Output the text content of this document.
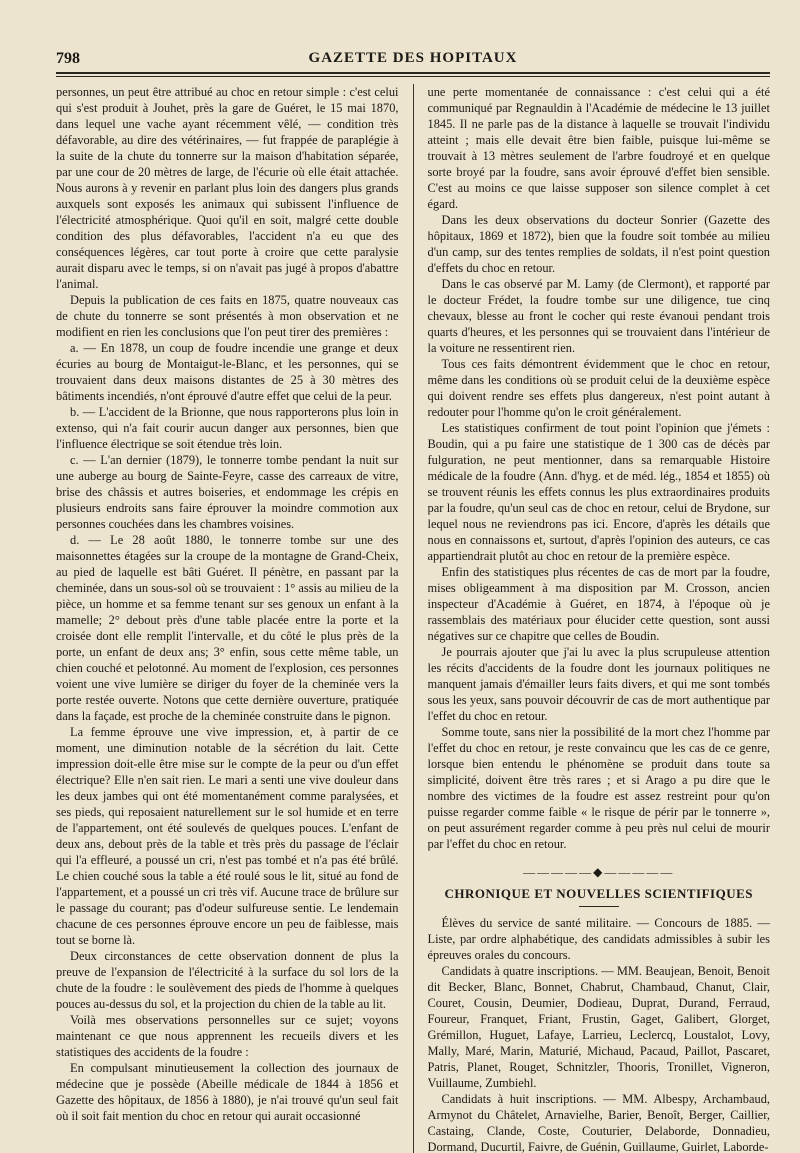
798	GAZETTE DES HOPITAUX

personnes, un peut être attribué au choc en retour simple : c'est celui qui s'est produit à Jouhet, près la gare de Guéret, le 15 mai 1870, dans lequel une vache ayant récemment vêlé, — condition très défavorable, au dire des vétérinaires, — fut frappée de paraplégie à la suite de la chute du tonnerre sur la maison d'habitation séparée, par une cour de 20 mètres de large, de l'écurie où elle était attachée. Nous aurons à y revenir en parlant plus loin des dangers plus grands auxquels sont exposés les animaux qui subissent l'influence de l'électricité atmosphérique. Quoi qu'il en soit, malgré cette double condition des plus défavorables, l'accident n'a eu que des conséquences légères, car tout porte à croire que cette paralysie aurait disparu avec le temps, si on n'avait pas jugé à propos d'abattre l'animal.

Depuis la publication de ces faits en 1875, quatre nouveaux cas de chute du tonnerre se sont présentés à mon observation et ne modifient en rien les conclusions que l'on peut tirer des premières :

a. — En 1878, un coup de foudre incendie une grange et deux écuries au bourg de Montaigut-le-Blanc, et les personnes, qui se trouvaient dans deux maisons distantes de 25 à 30 mètres des bâtiments incendiés, n'ont éprouvé d'autre effet que celui de la peur.

b. — L'accident de la Brionne, que nous rapporterons plus loin in extenso, qui n'a fait courir aucun danger aux personnes, bien que l'influence électrique se soit étendue très loin.

c. — L'an dernier (1879), le tonnerre tombe pendant la nuit sur une auberge au bourg de Sainte-Feyre, casse des carreaux de vitre, brise des châssis et autres boiseries, et endommage les crépis en plusieurs endroits sans faire éprouver la moindre commotion aux personnes couchées dans les chambres voisines.

d. — Le 28 août 1880, le tonnerre tombe sur une des maisonnettes étagées sur la croupe de la montagne de Grand-Cheix, au pied de laquelle est bâti Guéret. Il pénètre, en passant par la cheminée, dans un sous-sol où se trouvaient : 1° assis au milieu de la pièce, un homme et sa femme tenant sur ses genoux un enfant à la mamelle; 2° debout près d'une table placée entre la porte et la croisée dont elle remplit l'intervalle, et du côté le plus près de la porte, un enfant de deux ans; 3° enfin, sous cette même table, un chien couché et pelotonné. Au moment de l'explosion, ces personnes voient une vive lumière se diriger du foyer de la cheminée vers la porte restée ouverte. Notons que cette dernière ouverture, pratiquée dans la façade, est proche de la cheminée construite dans le pignon.

La femme éprouve une vive impression, et, à partir de ce moment, une diminution notable de la sécrétion du lait. Cette impression doit-elle être mise sur le compte de la peur ou d'un effet électrique? Elle n'en sait rien. Le mari a senti une vive douleur dans les deux jambes qui ont été momentanément comme paralysées, et ses pieds, qui reposaient naturellement sur le sol humide et en terre de l'appartement, ont été soulevés de quelques pouces. L'enfant de deux ans, debout près de la table et très près du passage de l'éclair qui l'a effleuré, a poussé un cri, n'est pas tombé et n'a pas été brûlé. Le chien couché sous la table a été roulé sous le lit, situé au fond de l'appartement, et a poussé un cri très vif. Aucune trace de brûlure sur le passage du courant; pas d'odeur sulfureuse sentie. Le lendemain chacune de ces personnes éprouve encore un peu de faiblesse, mais tout se borne là.

Deux circonstances de cette observation donnent de plus la preuve de l'expansion de l'électricité à la surface du sol lors de la chute de la foudre : le soulèvement des pieds de l'homme à quelques pouces au-dessus du sol, et la projection du chien de la table au lit.

Voilà mes observations personnelles sur ce sujet; voyons maintenant ce que nous apprennent les recueils divers et les statistiques des accidents de la foudre :

En compulsant minutieusement la collection des journaux de médecine que je possède (Abeille médicale de 1844 à 1856 et Gazette des hôpitaux, de 1856 à 1880), je n'ai trouvé qu'un seul fait où il soit fait mention du choc en retour qui aurait occasionné

une perte momentanée de connaissance : c'est celui qui a été communiqué par Regnauldin à l'Académie de médecine le 13 juillet 1845. Il ne parle pas de la distance à laquelle se trouvait l'individu atteint ; mais elle devait être bien faible, puisque lui-même se trouvait à 13 mètres seulement de l'arbre foudroyé et en quelque sorte broyé par la foudre, sans avoir éprouvé d'effet bien sensible. C'est au moins ce que laisse supposer son silence complet à cet égard.

Dans les deux observations du docteur Sonrier (Gazette des hôpitaux, 1869 et 1872), bien que la foudre soit tombée au milieu d'un camp, sur des tentes remplies de soldats, il n'est point question d'effets du choc en retour.

Dans le cas observé par M. Lamy (de Clermont), et rapporté par le docteur Frédet, la foudre tombe sur une diligence, tue cinq chevaux, blesse au front le cocher qui reste évanoui pendant trois quarts d'heures, et les personnes qui se trouvaient dans l'intérieur de la voiture ne ressentirent rien.

Tous ces faits démontrent évidemment que le choc en retour, même dans les conditions où se produit celui de la deuxième espèce qui doivent rendre ses effets plus dangereux, n'est point autant à redouter pour l'homme qu'on le croit généralement.

Les statistiques confirment de tout point l'opinion que j'émets : Boudin, qui a pu faire une statistique de 1 300 cas de décès par fulguration, ne peut mentionner, dans sa remarquable Histoire médicale de la foudre (Ann. d'hyg. et de méd. lég., 1854 et 1855) où se trouvent réunis les effets connus les plus extraordinaires produits par la foudre, qu'un seul cas de choc en retour, celui de Brydone, sur lequel nous ne reviendrons pas ici. Encore, d'après les détails que nous en connaissons et, surtout, d'après l'opinion des auteurs, ce cas appartiendrait plutôt au choc en retour de la première espèce.

Enfin des statistiques plus récentes de cas de mort par la foudre, mises obligeamment à ma disposition par M. Crosson, ancien inspecteur d'Académie à Guéret, en 1874, à l'époque où je rassemblais des matériaux pour élucider cette question, sont aussi négatives sur ce chapitre que celles de Boudin.

Je pourrais ajouter que j'ai lu avec la plus scrupuleuse attention les récits d'accidents de la foudre dont les journaux politiques ne manquent jamais d'émailler leurs faits divers, et qui me sont tombés sous les yeux, sans pouvoir découvrir de cas de mort authentique par l'effet du choc en retour.

Somme toute, sans nier la possibilité de la mort chez l'homme par l'effet du choc en retour, je reste convaincu que les cas de ce genre, lorsque bien entendu le phénomène se produit dans toute sa simplicité, doivent être très rares ; et si Arago a pu dire que le nombre des victimes de la foudre est assez restreint pour qu'on puisse regarder comme faible « le risque de périr par le tonnerre », on peut assurément regarder comme à peu près nul celui de mourir par l'effet du choc en retour.

—————◆—————
CHRONIQUE ET NOUVELLES SCIENTIFIQUES

Élèves du service de santé militaire. — Concours de 1885. — Liste, par ordre alphabétique, des candidats admissibles à subir les épreuves orales du concours.

Candidats à quatre inscriptions. — MM. Beaujean, Benoit, Benoit dit Becker, Blanc, Bonnet, Chabrut, Chambaud, Chanut, Clair, Couret, Cousin, Deumier, Dodieau, Duprat, Durand, Ferraud, Foureur, Franquet, Friant, Frustin, Gaget, Galibert, Glorget, Grémillon, Huguet, Lafaye, Larrieu, Leclercq, Loustalot, Lovy, Mally, Maré, Marin, Maturié, Michaud, Pacaud, Paillot, Pascaret, Patris, Planet, Rouget, Schnitzler, Thooris, Tronillet, Vigneron, Vuillaume, Zumbiehl.

Candidats à huit inscriptions. — MM. Albespy, Archambaud, Armynot du Châtelet, Arnavielhe, Barier, Benoît, Berger, Caillier, Castaing, Clande, Coste, Couturier, Delaborde, Donnadieu, Dormand, Ducurtil, Faivre, de Guénin, Guillaume, Guirlet, Laborde-
